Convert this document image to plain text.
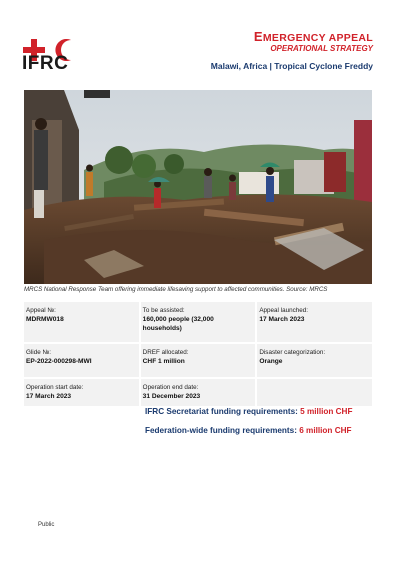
IFRC
EMERGENCY APPEAL
OPERATIONAL STRATEGY
Malawi, Africa | Tropical Cyclone Freddy
MRCS National Response Team offering immediate lifesaving support to affected communities. Source: MRCS
Appeal №:
MDRMW018
To be assisted:
160,000 people (32,000 households)
Appeal launched:
17 March 2023
Glide №:
EP-2022-000298-MWI
DREF allocated:
CHF 1 million
Disaster categorization:
Orange
Operation start date:
17 March 2023
Operation end date:
31 December 2023
IFRC Secretariat funding requirements: 5 million CHF
Federation-wide funding requirements: 6 million CHF
Public
